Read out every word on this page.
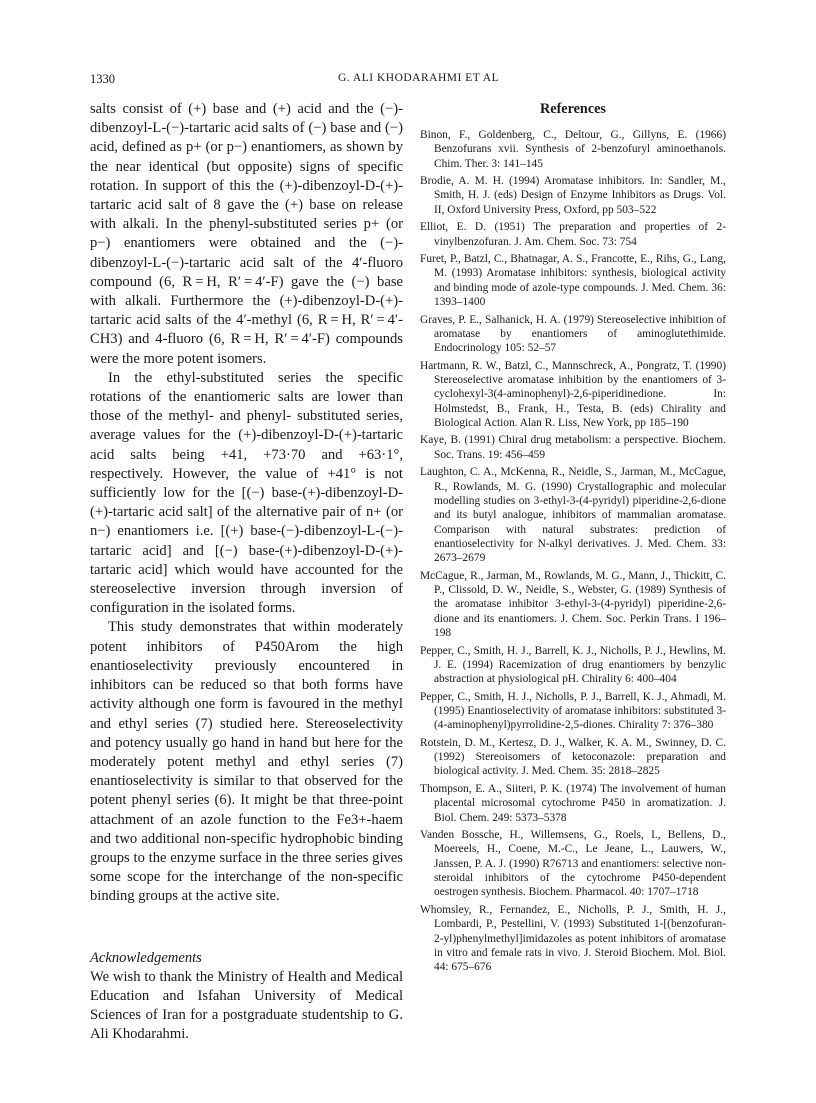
1330	G. ALI KHODARAHMI ET AL

salts consist of (+) base and (+) acid and the (−)-dibenzoyl-L-(−)-tartaric acid salts of (−) base and (−) acid, defined as p+ (or p−) enantiomers, as shown by the near identical (but opposite) signs of specific rotation. In support of this the (+)-dibenzoyl-D-(+)-tartaric acid salt of 8 gave the (+) base on release with alkali. In the phenyl-substituted series p+ (or p−) enantiomers were obtained and the (−)-dibenzoyl-L-(−)-tartaric acid salt of the 4′-fluoro compound (6, R = H, R′ = 4′-F) gave the (−) base with alkali. Furthermore the (+)-dibenzoyl-D-(+)-tartaric acid salts of the 4′-methyl (6, R = H, R′ = 4′-CH3) and 4-fluoro (6, R = H, R′ = 4′-F) compounds were the more potent isomers.

In the ethyl-substituted series the specific rotations of the enantiomeric salts are lower than those of the methyl- and phenyl- substituted series, average values for the (+)-dibenzoyl-D-(+)-tartaric acid salts being +41, +73·70 and +63·1°, respectively. However, the value of +41° is not sufficiently low for the [(−) base-(+)-dibenzoyl-D-(+)-tartaric acid salt] of the alternative pair of n+ (or n−) enantiomers i.e. [(+) base-(−)-dibenzoyl-L-(−)-tartaric acid] and [(−) base-(+)-dibenzoyl-D-(+)-tartaric acid] which would have accounted for the stereoselective inversion through inversion of configuration in the isolated forms.

This study demonstrates that within moderately potent inhibitors of P450Arom the high enantioselectivity previously encountered in inhibitors can be reduced so that both forms have activity although one form is favoured in the methyl and ethyl series (7) studied here. Stereoselectivity and potency usually go hand in hand but here for the moderately potent methyl and ethyl series (7) enantioselectivity is similar to that observed for the potent phenyl series (6). It might be that three-point attachment of an azole function to the Fe3+-haem and two additional non-specific hydrophobic binding groups to the enzyme surface in the three series gives some scope for the interchange of the non-specific binding groups at the active site.

Acknowledgements
We wish to thank the Ministry of Health and Medical Education and Isfahan University of Medical Sciences of Iran for a postgraduate studentship to G. Ali Khodarahmi.
References
Binon, F., Goldenberg, C., Deltour, G., Gillyns, E. (1966) Benzofurans xvii. Synthesis of 2-benzofuryl aminoethanols. Chim. Ther. 3: 141–145
Brodie, A. M. H. (1994) Aromatase inhibitors. In: Sandler, M., Smith, H. J. (eds) Design of Enzyme Inhibitors as Drugs. Vol. II, Oxford University Press, Oxford, pp 503–522
Elliot, E. D. (1951) The preparation and properties of 2-vinylbenzofuran. J. Am. Chem. Soc. 73: 754
Furet, P., Batzl, C., Bhatnagar, A. S., Francotte, E., Rihs, G., Lang, M. (1993) Aromatase inhibitors: synthesis, biological activity and binding mode of azole-type compounds. J. Med. Chem. 36: 1393–1400
Graves, P. E., Salhanick, H. A. (1979) Stereoselective inhibition of aromatase by enantiomers of aminoglutethimide. Endocrinology 105: 52–57
Hartmann, R. W., Batzl, C., Mannschreck, A., Pongratz, T. (1990) Stereoselective aromatase inhibition by the enantiomers of 3-cyclohexyl-3(4-aminophenyl)-2,6-piperidinedione. In: Holmstedst, B., Frank, H., Testa, B. (eds) Chirality and Biological Action. Alan R. Liss, New York, pp 185–190
Kaye, B. (1991) Chiral drug metabolism: a perspective. Biochem. Soc. Trans. 19: 456–459
Laughton, C. A., McKenna, R., Neidle, S., Jarman, M., McCague, R., Rowlands, M. G. (1990) Crystallographic and molecular modelling studies on 3-ethyl-3-(4-pyridyl) piperidine-2,6-dione and its butyl analogue, inhibitors of mammalian aromatase. Comparison with natural substrates: prediction of enantioselectivity for N-alkyl derivatives. J. Med. Chem. 33: 2673–2679
McCague, R., Jarman, M., Rowlands, M. G., Mann, J., Thickitt, C. P., Clissold, D. W., Neidle, S., Webster, G. (1989) Synthesis of the aromatase inhibitor 3-ethyl-3-(4-pyridyl) piperidine-2,6-dione and its enantiomers. J. Chem. Soc. Perkin Trans. I 196–198
Pepper, C., Smith, H. J., Barrell, K. J., Nicholls, P. J., Hewlins, M. J. E. (1994) Racemization of drug enantiomers by benzylic abstraction at physiological pH. Chirality 6: 400–404
Pepper, C., Smith, H. J., Nicholls, P. J., Barrell, K. J., Ahmadi, M. (1995) Enantioselectivity of aromatase inhibitors: substituted 3-(4-aminophenyl)pyrrolidine-2,5-diones. Chirality 7: 376–380
Rotstein, D. M., Kertesz, D. J., Walker, K. A. M., Swinney, D. C. (1992) Stereoisomers of ketoconazole: preparation and biological activity. J. Med. Chem. 35: 2818–2825
Thompson, E. A., Siiteri, P. K. (1974) The involvement of human placental microsomal cytochrome P450 in aromatization. J. Biol. Chem. 249: 5373–5378
Vanden Bossche, H., Willemsens, G., Roels, I., Bellens, D., Moereels, H., Coene, M.-C., Le Jeane, L., Lauwers, W., Janssen, P. A. J. (1990) R76713 and enantiomers: selective non-steroidal inhibitors of the cytochrome P450-dependent oestrogen synthesis. Biochem. Pharmacol. 40: 1707–1718
Whomsley, R., Fernandez, E., Nicholls, P. J., Smith, H. J., Lombardi, P., Pestellini, V. (1993) Substituted 1-[(benzofuran-2-yl)phenylmethyl]imidazoles as potent inhibitors of aromatase in vitro and female rats in vivo. J. Steroid Biochem. Mol. Biol. 44: 675–676
